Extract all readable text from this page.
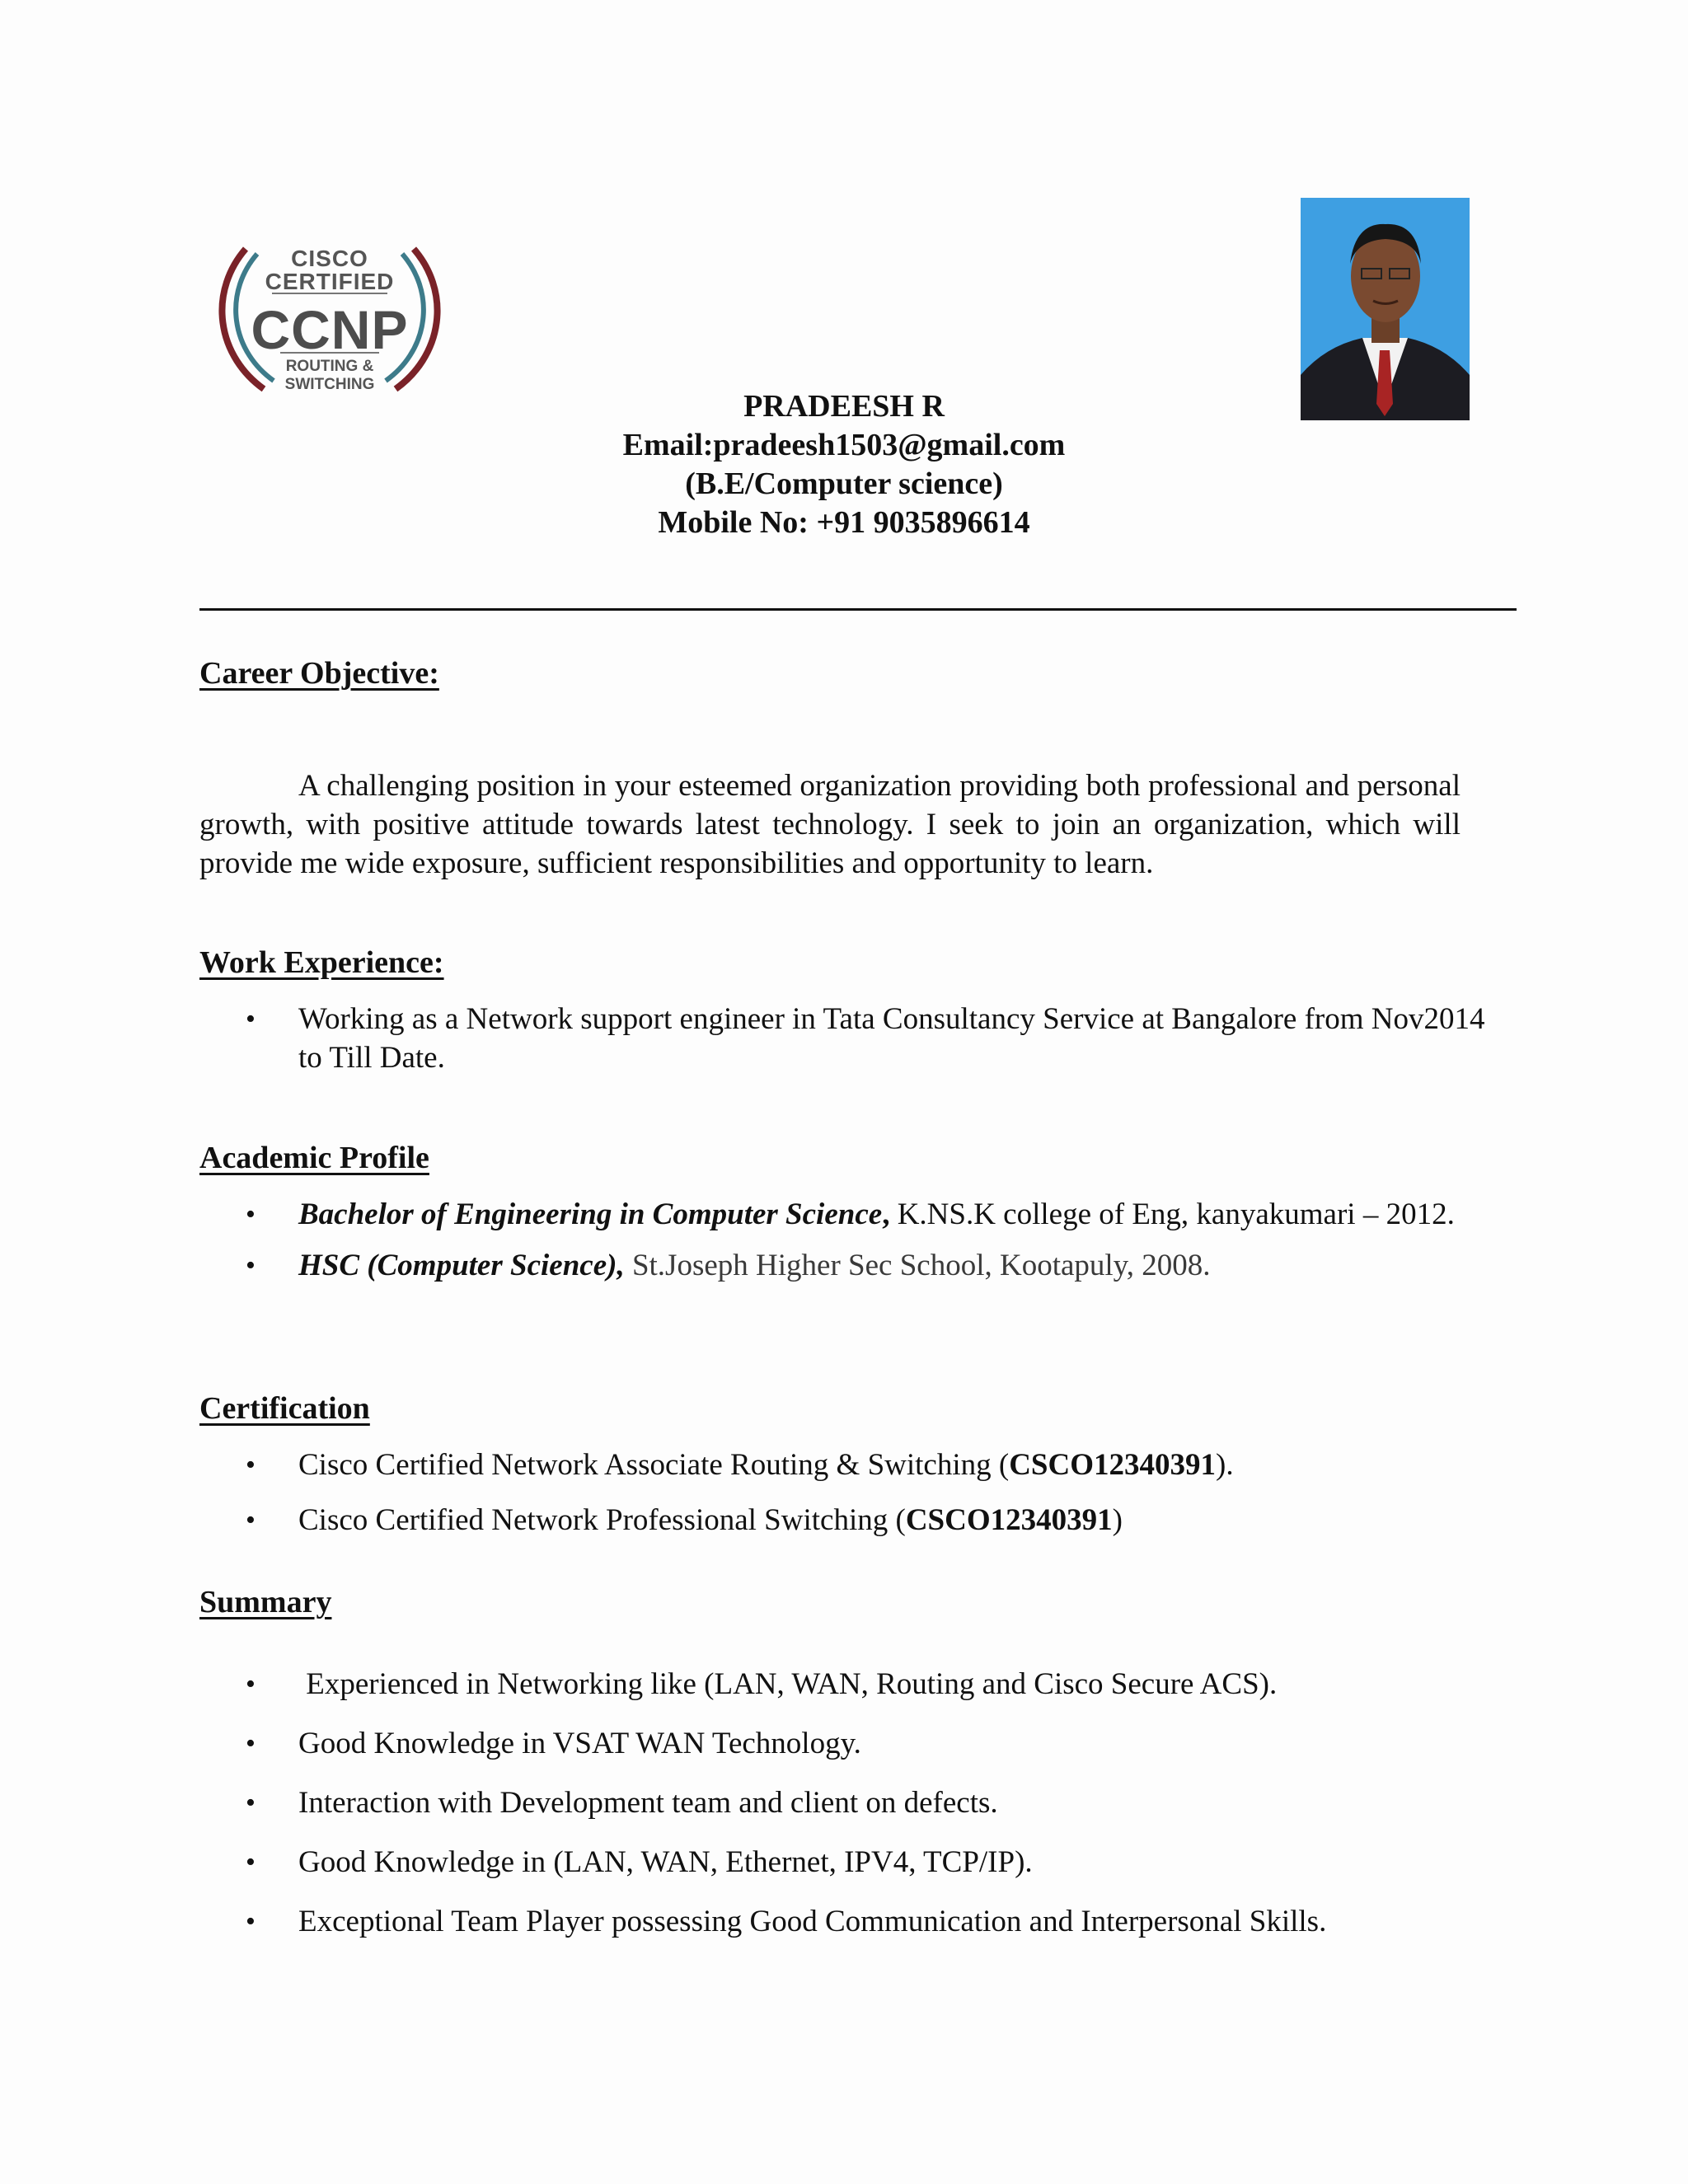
CISCO
CERTIFIED
CCNP
ROUTING &
SWITCHING
PRADEESH R
Email:pradeesh1503@gmail.com
(B.E/Computer science)
Mobile No: +91 9035896614
Career Objective:
A challenging position in your esteemed organization providing both professional and personal growth, with positive attitude towards latest technology. I seek to join an organization, which will provide me wide exposure, sufficient responsibilities and opportunity to learn.
Work Experience:
• Working as a Network support engineer in Tata Consultancy Service at Bangalore from Nov2014 to Till Date.
Academic Profile
• Bachelor of Engineering in Computer Science, K.NS.K college of Eng, kanyakumari – 2012.
• HSC (Computer Science), St.Joseph Higher Sec School, Kootapuly, 2008.
Certification
• Cisco Certified Network Associate Routing & Switching (CSCO12340391).
• Cisco Certified Network Professional Switching (CSCO12340391)
Summary
• Experienced in Networking like (LAN, WAN, Routing and Cisco Secure ACS).
• Good Knowledge in VSAT WAN Technology.
• Interaction with Development team and client on defects.
• Good Knowledge in (LAN, WAN, Ethernet, IPV4, TCP/IP).
• Exceptional Team Player possessing Good Communication and Interpersonal Skills.
